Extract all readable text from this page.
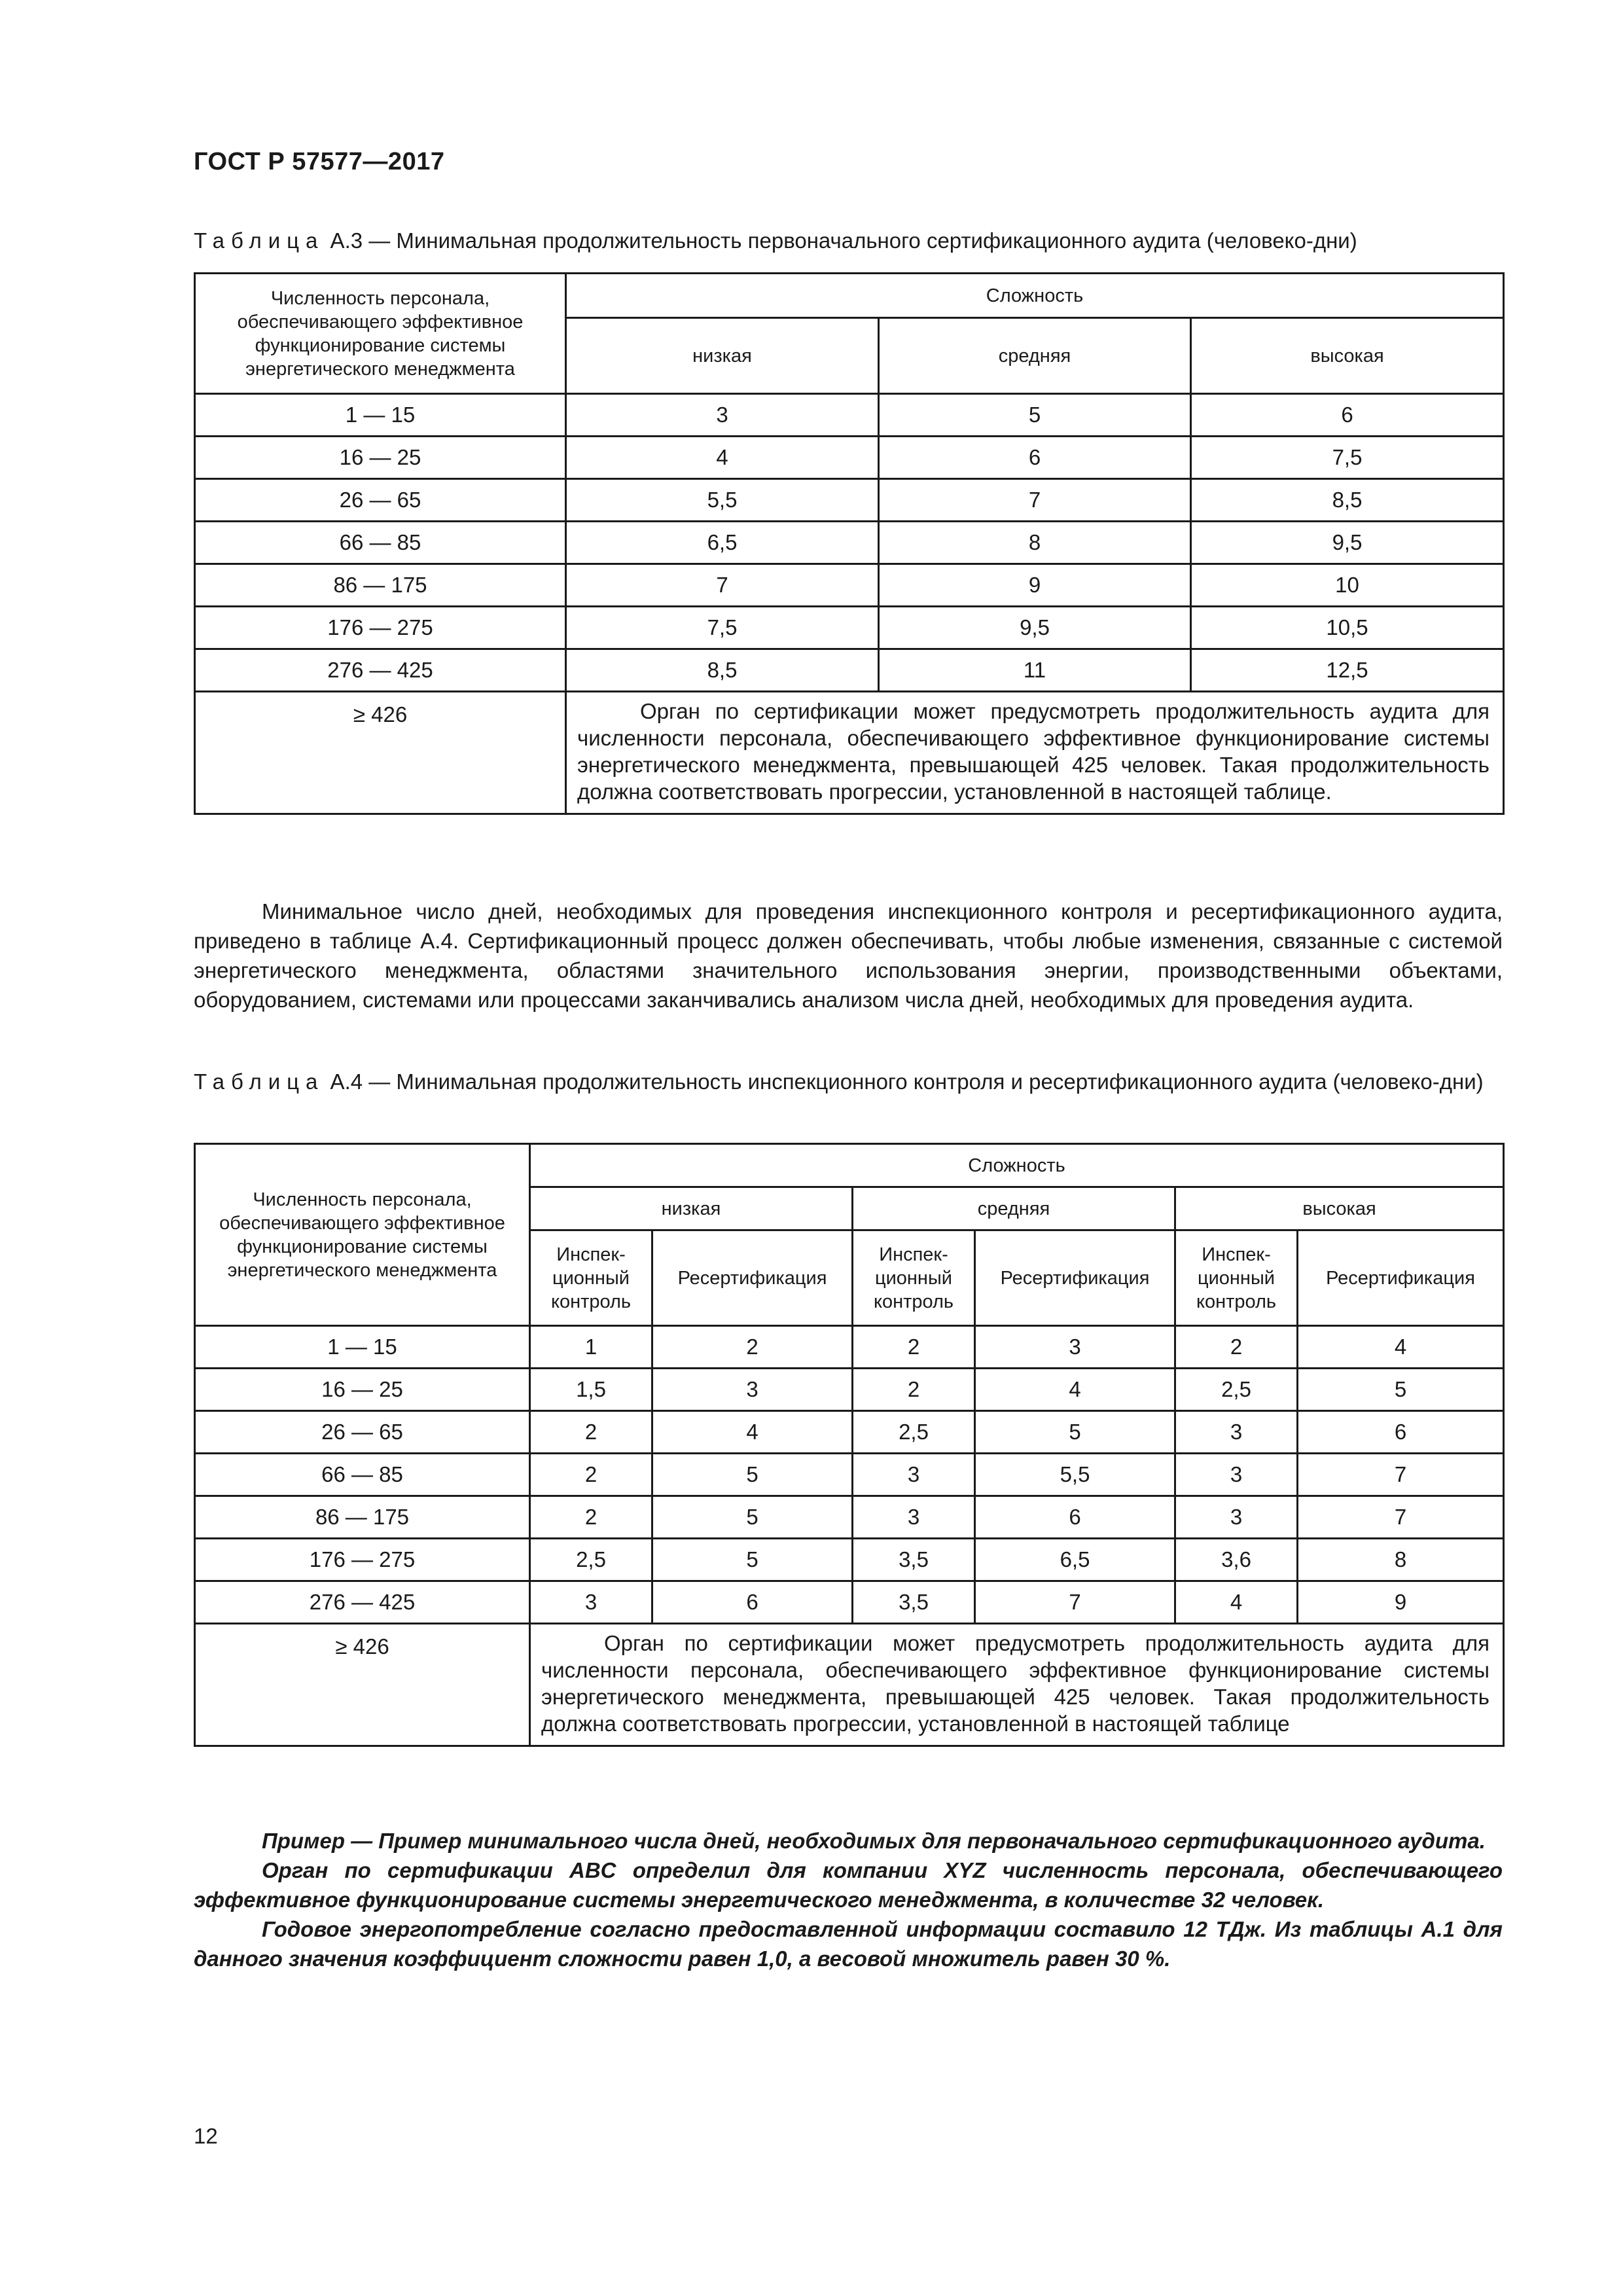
ГОСТ Р 57577—2017
Таблица А.3 — Минимальная продолжительность первоначального сертификационного аудита (человеко-дни)
Численность персонала, обеспечивающего эффективное функционирование системы энергетического менеджмента	Сложность		
	низкая	средняя	высокая
1 — 15	3	5	6
16 — 25	4	6	7,5
26 — 65	5,5	7	8,5
66 — 85	6,5	8	9,5
86 — 175	7	9	10
176 — 275	7,5	9,5	10,5
276 — 425	8,5	11	12,5
≥ 426	Орган по сертификации может предусмотреть продолжительность аудита для численности персонала, обеспечивающего эффективное функционирование системы энергетического менеджмента, превышающей 425 человек. Такая продолжительность должна соответствовать прогрессии, установленной в настоящей таблице.		
Минимальное число дней, необходимых для проведения инспекционного контроля и ресертификационного аудита, приведено в таблице А.4. Сертификационный процесс должен обеспечивать, чтобы любые изменения, связанные с системой энергетического менеджмента, областями значительного использования энергии, производственными объектами, оборудованием, системами или процессами заканчивались анализом числа дней, необходимых для проведения аудита.
Таблица А.4 — Минимальная продолжительность инспекционного контроля и ресертификационного аудита (человеко-дни)
Численность персонала, обеспечивающего эффективное функционирование системы энергетического менеджмента	Сложность					
	низкая		средняя		высокая	
	Инспекционный контроль	Ресертификация	Инспекционный контроль	Ресертификация	Инспекционный контроль	Ресертификация
1 — 15	1	2	2	3	2	4
16 — 25	1,5	3	2	4	2,5	5
26 — 65	2	4	2,5	5	3	6
66 — 85	2	5	3	5,5	3	7
86 — 175	2	5	3	6	3	7
176 — 275	2,5	5	3,5	6,5	3,6	8
276 — 425	3	6	3,5	7	4	9
≥ 426	Орган по сертификации может предусмотреть продолжительность аудита для численности персонала, обеспечивающего эффективное функционирование системы энергетического менеджмента, превышающей 425 человек. Такая продолжительность должна соответствовать прогрессии, установленной в настоящей таблице					

Пример — Пример минимального числа дней, необходимых для первоначального сертификационного аудита.

Орган по сертификации ABC определил для компании XYZ численность персонала, обеспечивающего эффективное функционирование системы энергетического менеджмента, в количестве 32 человек.

Годовое энергопотребление согласно предоставленной информации составило 12 ТДж. Из таблицы А.1 для данного значения коэффициент сложности равен 1,0, а весовой множитель равен 30 %.

12
